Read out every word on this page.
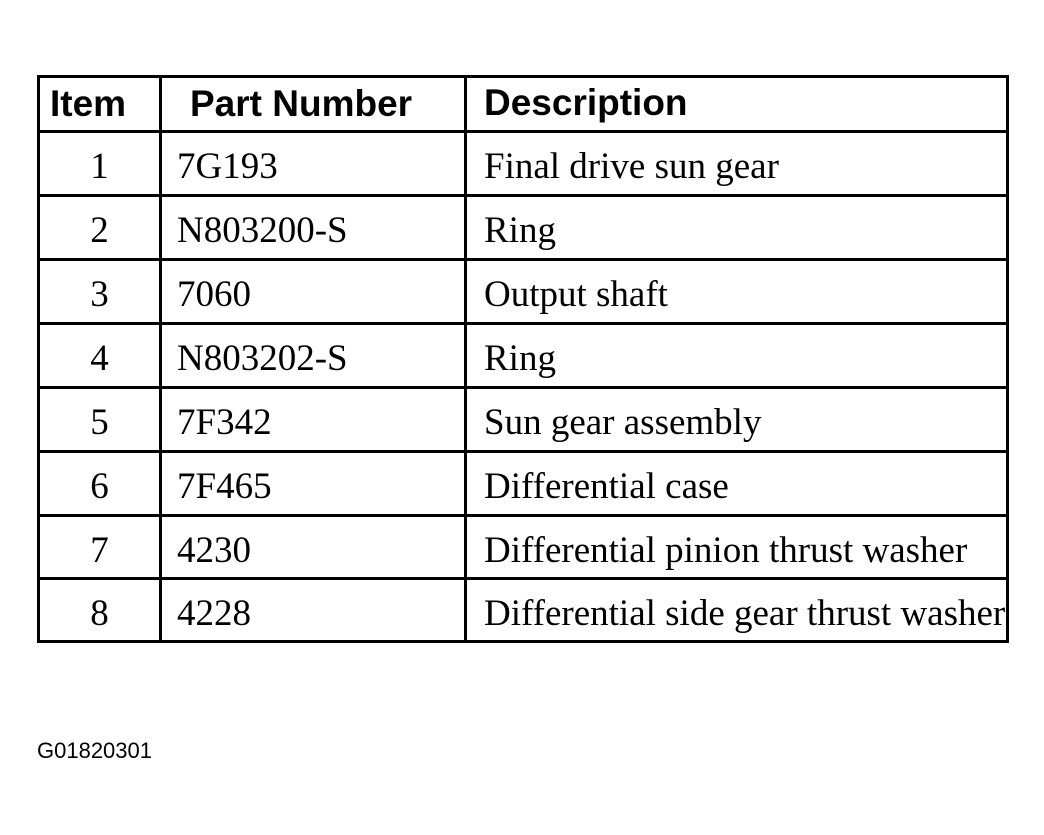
Item	Part Number	Description
1	7G193	Final drive sun gear
2	N803200-S	Ring
3	7060	Output shaft
4	N803202-S	Ring
5	7F342	Sun gear assembly
6	7F465	Differential case
7	4230	Differential pinion thrust washer
8	4228	Differential side gear thrust washer
G01820301
